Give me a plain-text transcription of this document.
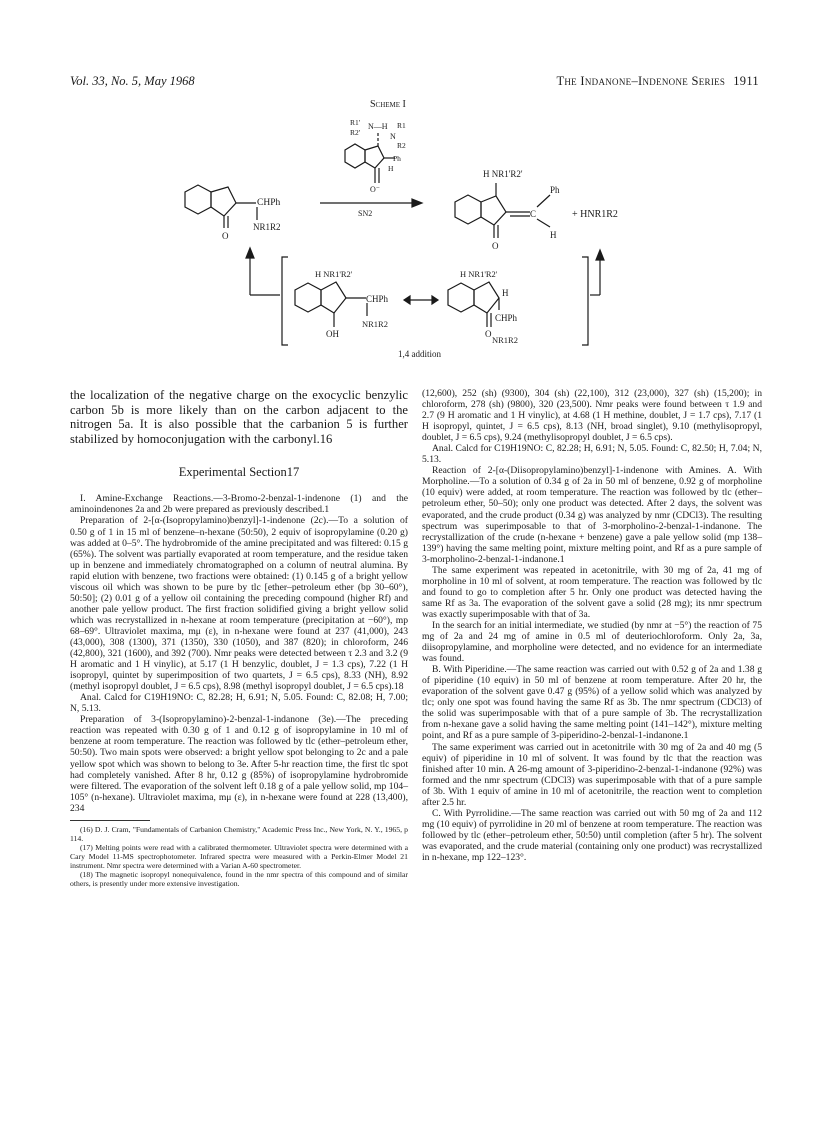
Vol. 33, No. 5, May 1968	The Indanone–Indenone Series 1911
Scheme I
R1'
R2'
N—H R1
N
R2
Ph
H
O⁻
CHPh
NR1R2
O
SN2
H NR1'R2'
Ph
C
H
+ HNR1R2
O
H NR1'R2'
CHPh
NR1R2
OH
H NR1'R2'
H
CHPh
NR1R2
O
1,4 addition

the localization of the negative charge on the exocyclic benzylic carbon 5b is more likely than on the carbon adjacent to the nitrogen 5a. It is also possible that the carbanion 5 is further stabilized by homoconjugation with the carbonyl.16

Experimental Section17

I. Amine-Exchange Reactions.—3-Bromo-2-benzal-1-indenone (1) and the aminoindenones 2a and 2b were prepared as previously described.1

Preparation of 2-[α-(Isopropylamino)benzyl]-1-indenone (2c).—To a solution of 0.50 g of 1 in 15 ml of benzene–n-hexane (50:50), 2 equiv of isopropylamine (0.20 g) was added at 0–5°. The hydrobromide of the amine precipitated and was filtered: 0.15 g (65%). The solvent was partially evaporated at room temperature, and the residue taken up in benzene and immediately chromatographed on a column of neutral alumina. By rapid elution with benzene, two fractions were obtained: (1) 0.145 g of a bright yellow viscous oil which was shown to be pure by tlc [ether–petroleum ether (bp 30–60°), 50:50]; (2) 0.01 g of a yellow oil containing the preceding compound (higher Rf) and another pale yellow product. The first fraction solidified giving a bright yellow solid which was recrystallized in n-hexane at room temperature (precipitation at −60°), mp 68–69°. Ultraviolet maxima, mμ (ε), in n-hexane were found at 237 (41,000), 243 (43,000), 308 (1300), 371 (1350), 330 (1050), and 387 (820); in chloroform, 246 (42,800), 321 (1600), and 392 (700). Nmr peaks were detected between τ 2.3 and 3.2 (9 H aromatic and 1 H vinylic), at 5.17 (1 H benzylic, doublet, J = 1.3 cps), 7.22 (1 H isopropyl, quintet by superimposition of two quartets, J = 6.5 cps), 8.33 (NH), 8.92 (methyl isopropyl doublet, J = 6.5 cps), 8.98 (methyl isopropyl doublet, J = 6.5 cps).18

Anal. Calcd for C19H19NO: C, 82.28; H, 6.91; N, 5.05. Found: C, 82.08; H, 7.00; N, 5.13.

Preparation of 3-(Isopropylamino)-2-benzal-1-indanone (3e).—The preceding reaction was repeated with 0.30 g of 1 and 0.12 g of isopropylamine in 10 ml of benzene at room temperature. The reaction was followed by tlc (ether–petroleum ether, 50:50). Two main spots were observed: a bright yellow spot belonging to 2c and a pale yellow spot which was shown to belong to 3e. After 5-hr reaction time, the first tlc spot had completely vanished. After 8 hr, 0.12 g (85%) of isopropylamine hydrobromide were filtered. The evaporation of the solvent left 0.18 g of a pale yellow solid, mp 104–105° (n-hexane). Ultraviolet maxima, mμ (ε), in n-hexane were found at 228 (13,400), 234

(16) D. J. Cram, "Fundamentals of Carbanion Chemistry," Academic Press Inc., New York, N. Y., 1965, p 114.

(17) Melting points were read with a calibrated thermometer. Ultraviolet spectra were determined with a Cary Model 11-MS spectrophotometer. Infrared spectra were measured with a Perkin-Elmer Model 21 instrument. Nmr spectra were determined with a Varian A-60 spectrometer.

(18) The magnetic isopropyl nonequivalence, found in the nmr spectra of this compound and of similar others, is presently under more extensive investigation.

(12,600), 252 (sh) (9300), 304 (sh) (22,100), 312 (23,000), 327 (sh) (15,200); in chloroform, 278 (sh) (9800), 320 (23,500). Nmr peaks were found between τ 1.9 and 2.7 (9 H aromatic and 1 H vinylic), at 4.68 (1 H methine, doublet, J = 1.7 cps), 7.17 (1 H isopropyl, quintet, J = 6.5 cps), 8.13 (NH, broad singlet), 9.10 (methylisopropyl, doublet, J = 6.5 cps), 9.24 (methylisopropyl doublet, J = 6.5 cps).

Anal. Calcd for C19H19NO: C, 82.28; H, 6.91; N, 5.05. Found: C, 82.50; H, 7.04; N, 5.13.

Reaction of 2-[α-(Diisopropylamino)benzyl]-1-indenone with Amines. A. With Morpholine.—To a solution of 0.34 g of 2a in 50 ml of benzene, 0.92 g of morpholine (10 equiv) were added, at room temperature. The reaction was followed by tlc (ether–petroleum ether, 50–50); only one product was detected. After 2 days, the solvent was evaporated, and the crude product (0.34 g) was analyzed by nmr (CDCl3). The resulting spectrum was superimposable to that of 3-morpholino-2-benzal-1-indanone. The recrystallization of the crude (n-hexane + benzene) gave a pale yellow solid (mp 138–139°) having the same melting point, mixture melting point, and Rf as a pure sample of 3-morpholino-2-benzal-1-indanone.1

The same experiment was repeated in acetonitrile, with 30 mg of 2a, 41 mg of morpholine in 10 ml of solvent, at room temperature. The reaction was followed by tlc and found to go to completion after 5 hr. Only one product was detected having the same Rf as 3a. The evaporation of the solvent gave a solid (28 mg); its nmr spectrum was exactly superimposable with that of 3a.

In the search for an initial intermediate, we studied (by nmr at −5°) the reaction of 75 mg of 2a and 24 mg of amine in 0.5 ml of deuteriochloroform. Only 2a, 3a, diisopropylamine, and morpholine were detected, and no evidence for an intermediate was found.

B. With Piperidine.—The same reaction was carried out with 0.52 g of 2a and 1.38 g of piperidine (10 equiv) in 50 ml of benzene at room temperature. After 20 hr, the evaporation of the solvent gave 0.47 g (95%) of a yellow solid which was analyzed by tlc; only one spot was found having the same Rf as 3b. The nmr spectrum (CDCl3) of the solid was superimposable with that of a pure sample of 3b. The recrystallization from n-hexane gave a solid having the same melting point (141–142°), mixture melting point, and Rf as a pure sample of 3-piperidino-2-benzal-1-indanone.1

The same experiment was carried out in acetonitrile with 30 mg of 2a and 40 mg (5 equiv) of piperidine in 10 ml of solvent. It was found by tlc that the reaction was finished after 10 min. A 26-mg amount of 3-piperidino-2-benzal-1-indanone (92%) was formed and the nmr spectrum (CDCl3) was superimposable with that of a pure sample of 3b. With 1 equiv of amine in 10 ml of acetonitrile, the reaction went to completion after 2.5 hr.

C. With Pyrrolidine.—The same reaction was carried out with 50 mg of 2a and 112 mg (10 equiv) of pyrrolidine in 20 ml of benzene at room temperature. The reaction was followed by tlc (ether–petroleum ether, 50:50) until completion (after 5 hr). The solvent was evaporated, and the crude material (containing only one product) was recrystallized in n-hexane, mp 122–123°.
